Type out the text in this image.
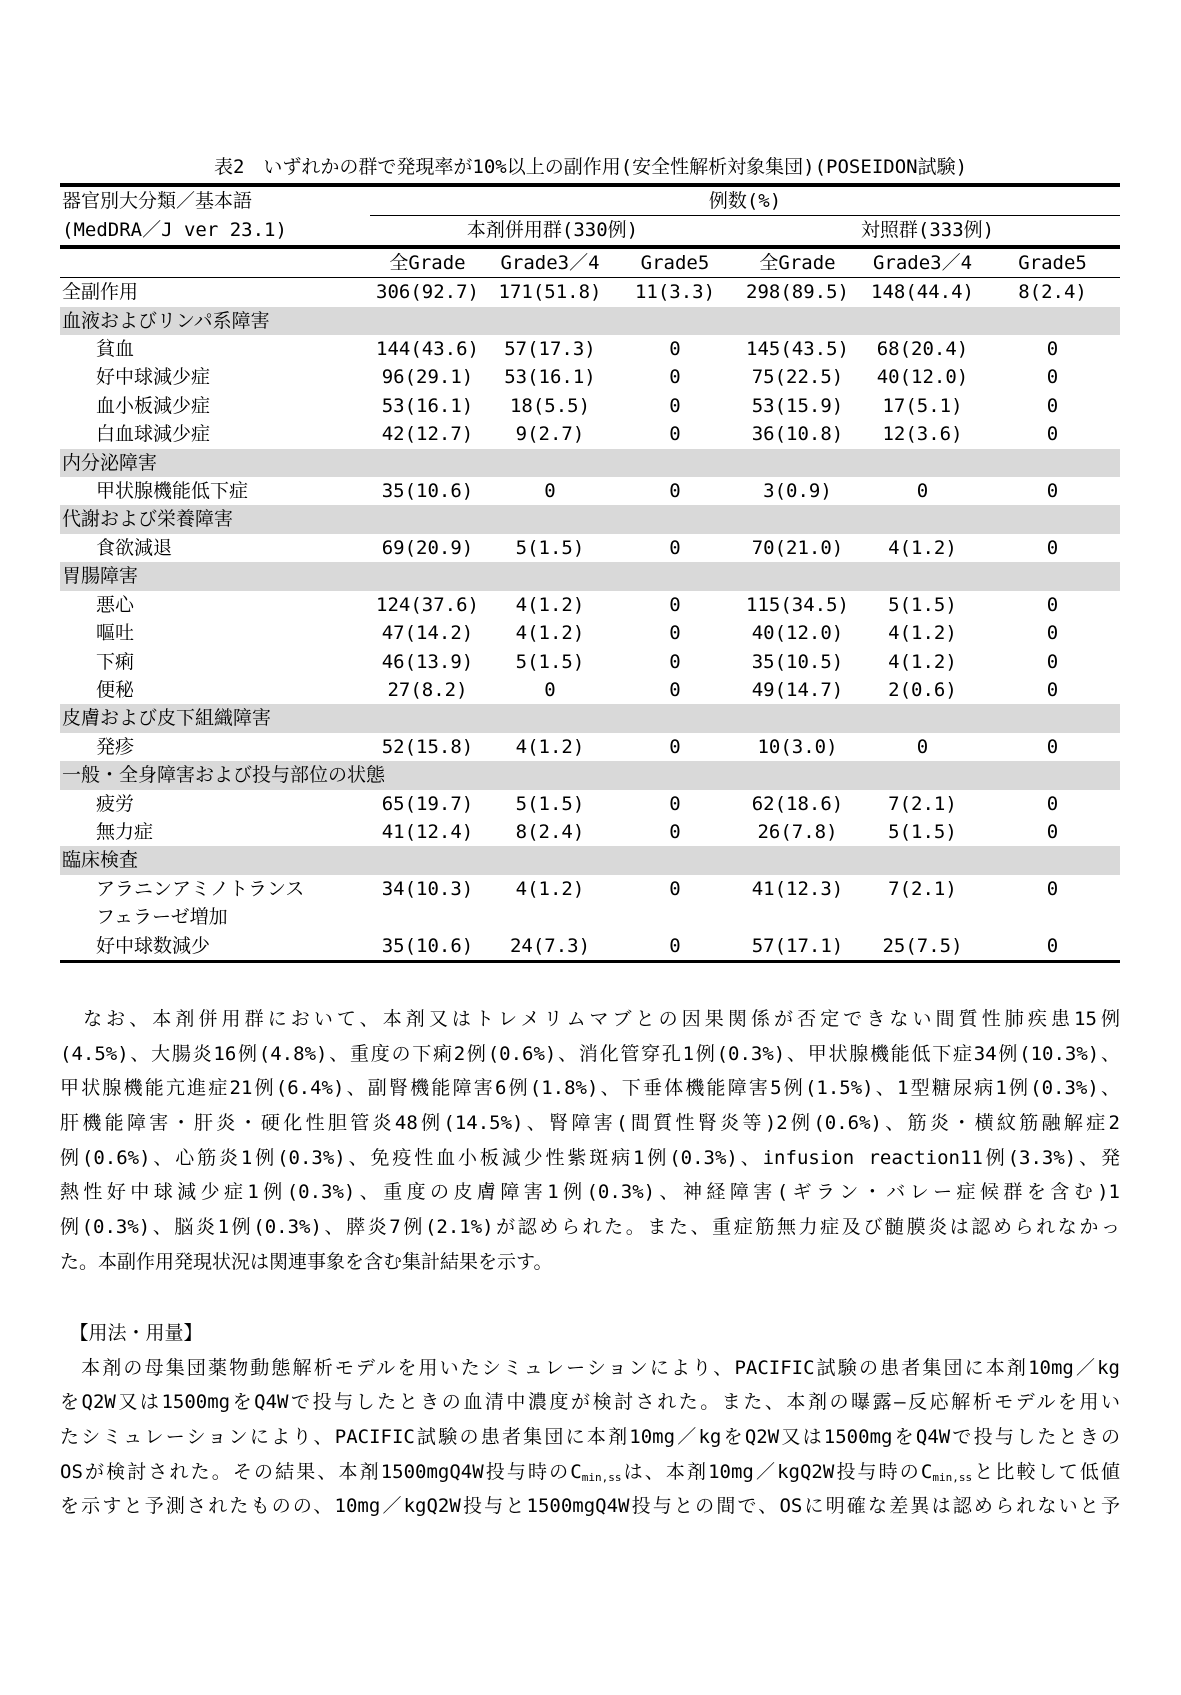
表2　いずれかの群で発現率が10%以上の副作用(安全性解析対象集団)(POSEIDON試験)
器官別大分類／基本語	例数(%)					
(MedDRA／J ver 23.1)	本剤併用群(330例)			対照群(333例)		
	全Grade	Grade3／4	Grade5	全Grade	Grade3／4	Grade5
全副作用	306(92.7)	171(51.8)	11(3.3)	298(89.5)	148(44.4)	8(2.4)
血液およびリンパ系障害						
貧血	144(43.6)	57(17.3)	0	145(43.5)	68(20.4)	0
好中球減少症	96(29.1)	53(16.1)	0	75(22.5)	40(12.0)	0
血小板減少症	53(16.1)	18(5.5)	0	53(15.9)	17(5.1)	0
白血球減少症	42(12.7)	9(2.7)	0	36(10.8)	12(3.6)	0
内分泌障害						
甲状腺機能低下症	35(10.6)	0	0	3(0.9)	0	0
代謝および栄養障害						
食欲減退	69(20.9)	5(1.5)	0	70(21.0)	4(1.2)	0
胃腸障害						
悪心	124(37.6)	4(1.2)	0	115(34.5)	5(1.5)	0
嘔吐	47(14.2)	4(1.2)	0	40(12.0)	4(1.2)	0
下痢	46(13.9)	5(1.5)	0	35(10.5)	4(1.2)	0
便秘	27(8.2)	0	0	49(14.7)	2(0.6)	0
皮膚および皮下組織障害						
発疹	52(15.8)	4(1.2)	0	10(3.0)	0	0
一般・全身障害および投与部位の状態						
疲労	65(19.7)	5(1.5)	0	62(18.6)	7(2.1)	0
無力症	41(12.4)	8(2.4)	0	26(7.8)	5(1.5)	0
臨床検査						
アラニンアミノトランス	34(10.3)	4(1.2)	0	41(12.3)	7(2.1)	0
フェラーゼ増加						
好中球数減少	35(10.6)	24(7.3)	0	57(17.1)	25(7.5)	0
　なお、本剤併用群において、本剤又はトレメリムマブとの因果関係が否定できない間質性肺疾患15例
(4.5%)、大腸炎16例(4.8%)、重度の下痢2例(0.6%)、消化管穿孔1例(0.3%)、甲状腺機能低下症34例(10.3%)、
甲状腺機能亢進症21例(6.4%)、副腎機能障害6例(1.8%)、下垂体機能障害5例(1.5%)、1型糖尿病1例(0.3%)、
肝機能障害・肝炎・硬化性胆管炎48例(14.5%)、腎障害(間質性腎炎等)2例(0.6%)、筋炎・横紋筋融解症2
例(0.6%)、心筋炎1例(0.3%)、免疫性血小板減少性紫斑病1例(0.3%)、infusion reaction11例(3.3%)、発
熱性好中球減少症1例(0.3%)、重度の皮膚障害1例(0.3%)、神経障害(ギラン・バレー症候群を含む)1
例(0.3%)、脳炎1例(0.3%)、膵炎7例(2.1%)が認められた。また、重症筋無力症及び髄膜炎は認められなかっ
た。本副作用発現状況は関連事象を含む集計結果を示す。
　【用法・用量】
　本剤の母集団薬物動態解析モデルを用いたシミュレーションにより、PACIFIC試験の患者集団に本剤10mg／kg
をQ2W又は1500mgをQ4Wで投与したときの血清中濃度が検討された。また、本剤の曝露―反応解析モデルを用い
たシミュレーションにより、PACIFIC試験の患者集団に本剤10mg／kgをQ2W又は1500mgをQ4Wで投与したときの
OSが検討された。その結果、本剤1500mgQ4W投与時の$C_{min,ss}$は、本剤10mg／kgQ2W投与時の$C_{min,ss}$と比較して低値
を示すと予測されたものの、10mg／kgQ2W投与と1500mgQ4W投与との間で、OSに明確な差異は認められないと予
